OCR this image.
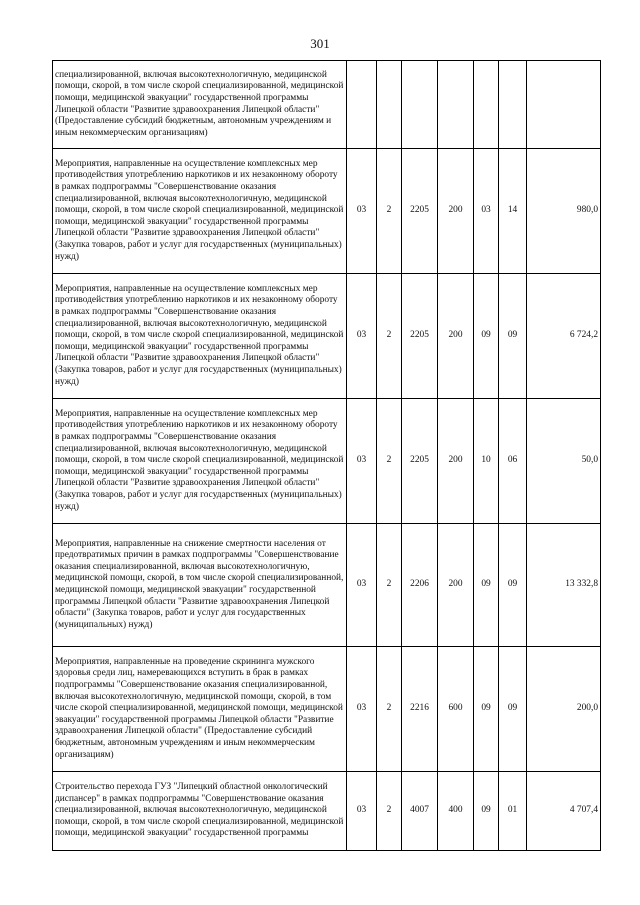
301
специализированной, включая высокотехнологичную, медицинской помощи, скорой, в том числе скорой специализированной, медицинской помощи, медицинской эвакуации" государственной программы Липецкой области "Развитие здравоохранения Липецкой области" (Предоставление субсидий бюджетным, автономным учреждениям и иным некоммерческим организациям)							
Мероприятия, направленные на осуществление комплексных мер противодействия употреблению наркотиков и их незаконному обороту в рамках подпрограммы "Совершенствование оказания специализированной, включая высокотехнологичную, медицинской помощи, скорой, в том числе скорой специализированной, медицинской помощи, медицинской эвакуации" государственной программы Липецкой области "Развитие здравоохранения Липецкой области" (Закупка товаров, работ и услуг для государственных (муниципальных) нужд)	03	2	2205	200	03	14	980,0
Мероприятия, направленные на осуществление комплексных мер противодействия употреблению наркотиков и их незаконному обороту в рамках подпрограммы "Совершенствование оказания специализированной, включая высокотехнологичную, медицинской помощи, скорой, в том числе скорой специализированной, медицинской помощи, медицинской эвакуации" государственной программы Липецкой области "Развитие здравоохранения Липецкой области" (Закупка товаров, работ и услуг для государственных (муниципальных) нужд)	03	2	2205	200	09	09	6 724,2
Мероприятия, направленные на осуществление комплексных мер противодействия употреблению наркотиков и их незаконному обороту в рамках подпрограммы "Совершенствование оказания специализированной, включая высокотехнологичную, медицинской помощи, скорой, в том числе скорой специализированной, медицинской помощи, медицинской эвакуации" государственной программы Липецкой области "Развитие здравоохранения Липецкой области" (Закупка товаров, работ и услуг для государственных (муниципальных) нужд)	03	2	2205	200	10	06	50,0
Мероприятия, направленные на снижение смертности населения от предотвратимых причин в рамках подпрограммы "Совершенствование оказания специализированной, включая высокотехнологичную, медицинской помощи, скорой, в том числе скорой специализированной, медицинской помощи, медицинской эвакуации" государственной программы Липецкой области "Развитие здравоохранения Липецкой области" (Закупка товаров, работ и услуг для государственных (муниципальных) нужд)	03	2	2206	200	09	09	13 332,8
Мероприятия, направленные на проведение скрининга мужского здоровья среди лиц, намеревающихся вступить в брак в рамках подпрограммы "Совершенствование оказания специализированной, включая высокотехнологичную, медицинской помощи, скорой, в том числе скорой специализированной, медицинской помощи, медицинской эвакуации" государственной программы Липецкой области "Развитие здравоохранения Липецкой области" (Предоставление субсидий бюджетным, автономным учреждениям и иным некоммерческим организациям)	03	2	2216	600	09	09	200,0
Строительство перехода ГУЗ "Липецкий областной онкологический диспансер" в рамках подпрограммы "Совершенствование оказания специализированной, включая высокотехнологичную, медицинской помощи, скорой, в том числе скорой специализированной, медицинской помощи, медицинской эвакуации" государственной программы	03	2	4007	400	09	01	4 707,4
